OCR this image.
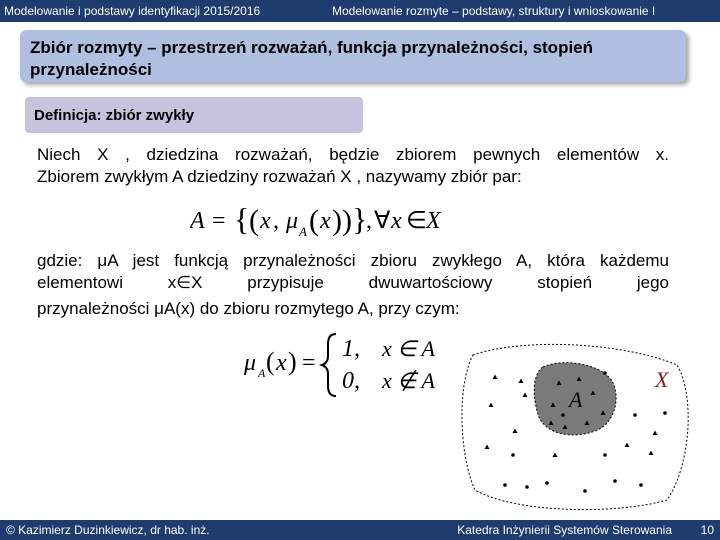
Modelowanie i podstawy identyfikacji 2015/2016	Modelowanie rozmyte – podstawy, struktury i wnioskowanie I
Zbiór rozmyty – przestrzeń rozważań, funkcja przynależności, stopień
przynależności
Definicja: zbiór zwykły
Niech X , dziedzina rozważań, będzie zbiorem pewnych elementów x.
Zbiorem zwykłym A dziedziny rozważań X , nazywamy zbiór par:
A = { ( x , μ A ( x ) ) }
, ∀ x ∈ X
gdzie: μA jest funkcją przynależności zbioru zwykłego A, która każdemu
elementowi x∈X przypisuje dwuwartościowy stopień jego
przynależności μA(x) do zbioru rozmytego A, przy czym:
μ A ( x ) =
1, x ∈ A
0, x ∉ A	X
A
© Kazimierz Duzinkiewicz, dr hab. inż.	Katedra Inżynierii Systemów Sterowania	10
